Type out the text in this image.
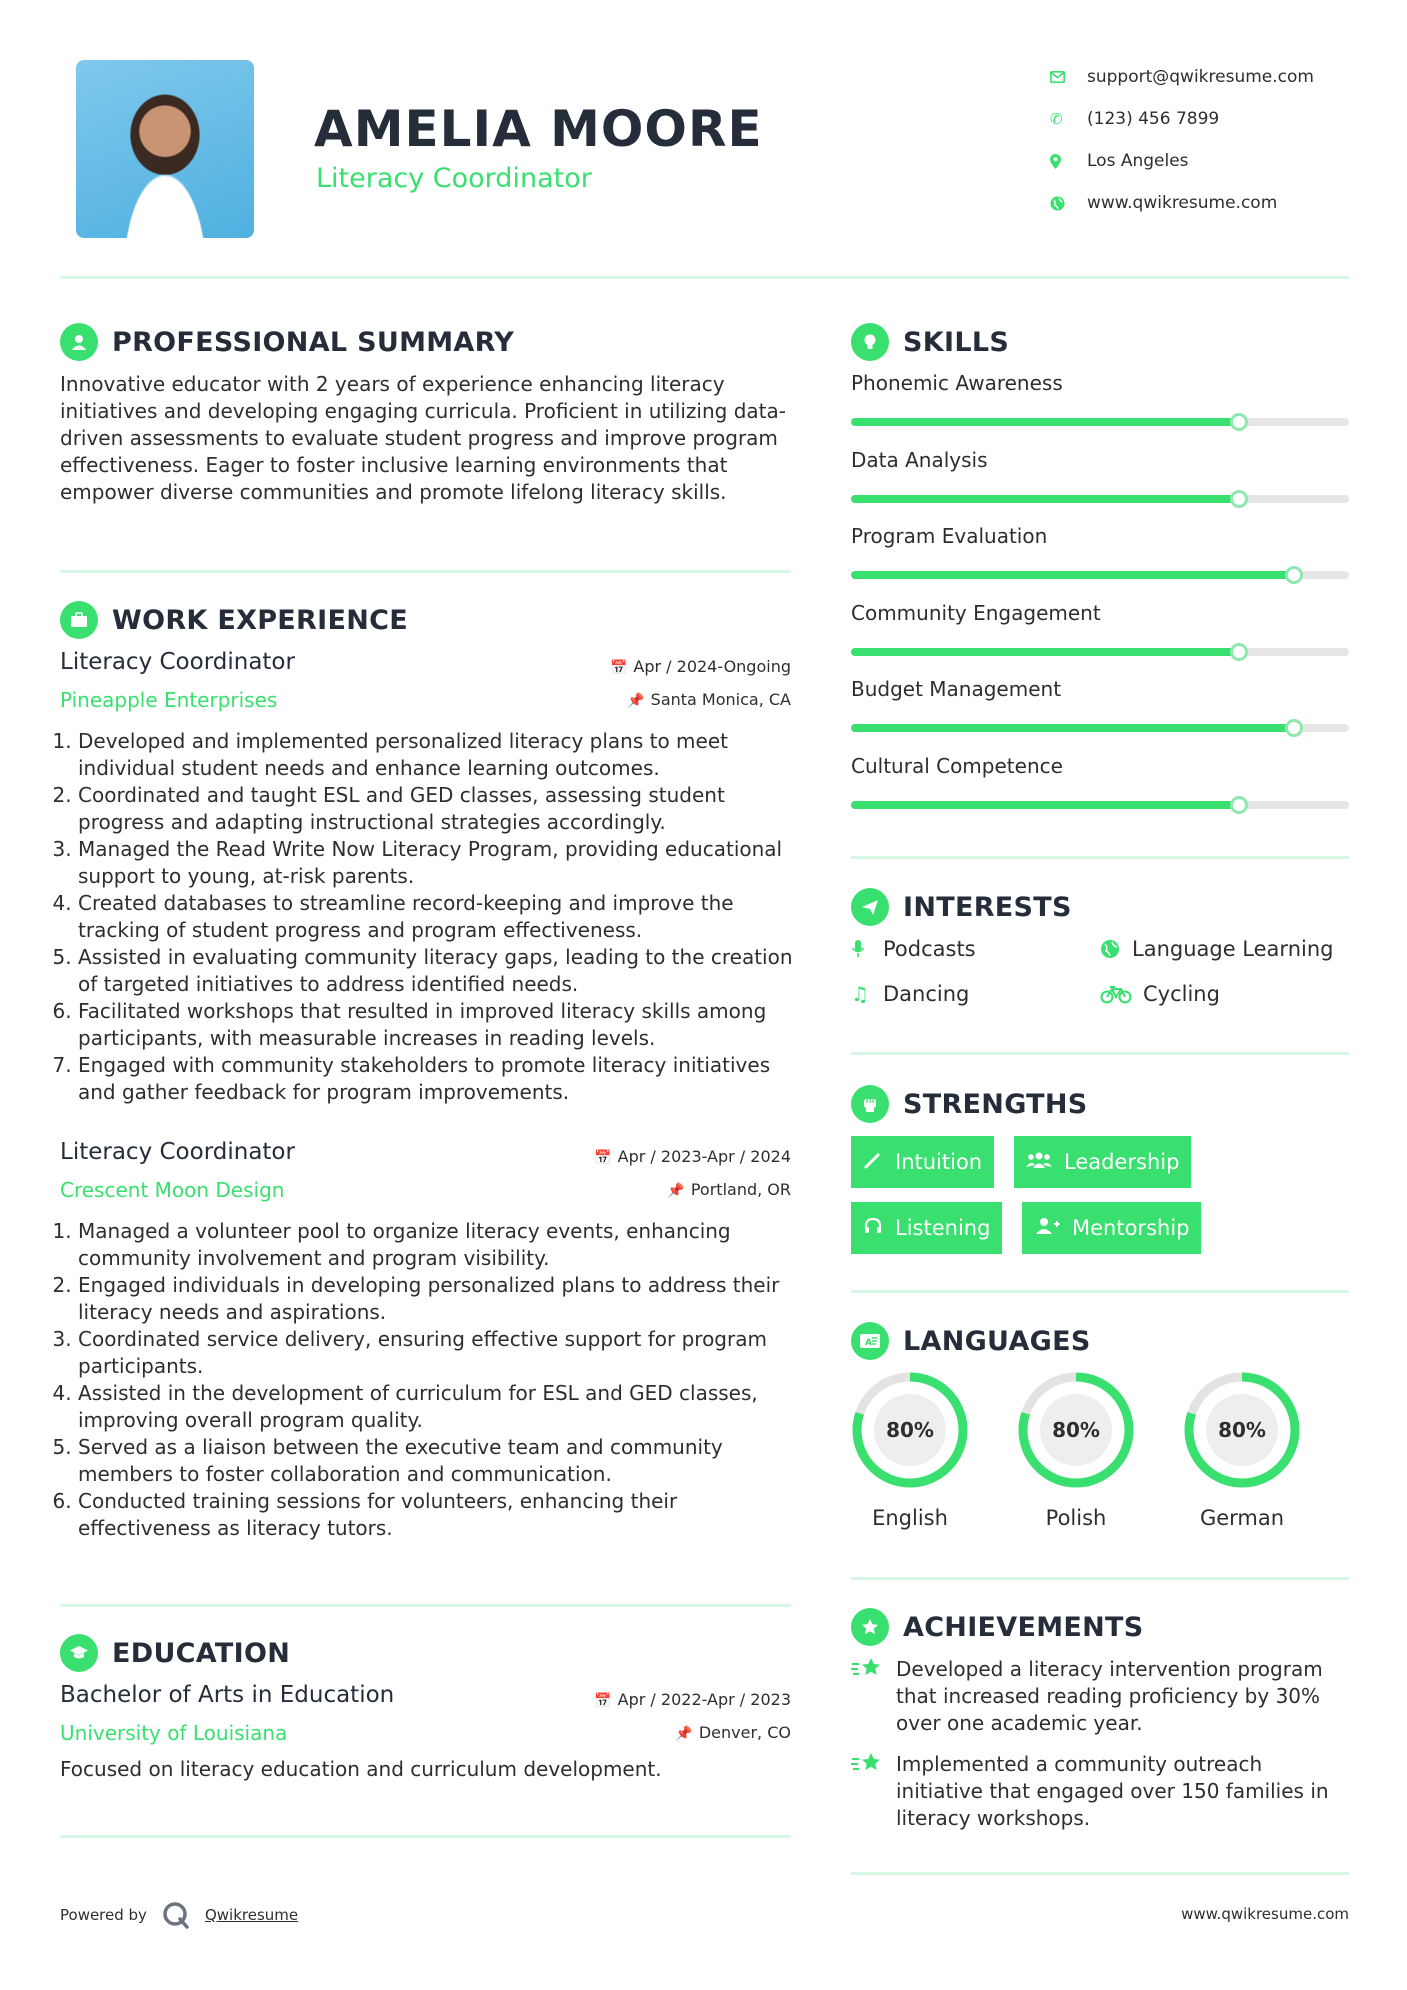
AMELIA MOORE
Literacy Coordinator
support@qwikresume.com
✆	(123) 456 7899
Los Angeles
www.qwikresume.com
PROFESSIONAL SUMMARY
Innovative educator with 2 years of experience enhancing literacy initiatives and developing engaging curricula. Proficient in utilizing data-driven assessments to evaluate student progress and improve program effectiveness. Eager to foster inclusive learning environments that empower diverse communities and promote lifelong literacy skills.
WORK EXPERIENCE
Literacy Coordinator	📅 Apr / 2024-Ongoing
Pineapple Enterprises	📌 Santa Monica, CA
1. Developed and implemented personalized literacy plans to meet individual student needs and enhance learning outcomes.
2. Coordinated and taught ESL and GED classes, assessing student progress and adapting instructional strategies accordingly.
3. Managed the Read Write Now Literacy Program, providing educational support to young, at-risk parents.
4. Created databases to streamline record-keeping and improve the tracking of student progress and program effectiveness.
5. Assisted in evaluating community literacy gaps, leading to the creation of targeted initiatives to address identified needs.
6. Facilitated workshops that resulted in improved literacy skills among participants, with measurable increases in reading levels.
7. Engaged with community stakeholders to promote literacy initiatives and gather feedback for program improvements.
Literacy Coordinator	📅 Apr / 2023-Apr / 2024
Crescent Moon Design	📌 Portland, OR
1. Managed a volunteer pool to organize literacy events, enhancing community involvement and program visibility.
2. Engaged individuals in developing personalized plans to address their literacy needs and aspirations.
3. Coordinated service delivery, ensuring effective support for program participants.
4. Assisted in the development of curriculum for ESL and GED classes, improving overall program quality.
5. Served as a liaison between the executive team and community members to foster collaboration and communication.
6. Conducted training sessions for volunteers, enhancing their effectiveness as literacy tutors.
EDUCATION
Bachelor of Arts in Education	📅 Apr / 2022-Apr / 2023
University of Louisiana	📌 Denver, CO
Focused on literacy education and curriculum development.
SKILLS
Phonemic Awareness
Data Analysis
Program Evaluation
Community Engagement
Budget Management
Cultural Competence
INTERESTS
Podcasts	Language Learning
♫ Dancing	Cycling
STRENGTHS
Intuition	Leadership
Listening	Mentorship
A LANGUAGES
80%
English
80%
Polish
80%
German
ACHIEVEMENTS
Developed a literacy intervention program that increased reading proficiency by 30% over one academic year.
Implemented a community outreach initiative that engaged over 150 families in literacy workshops.
Powered by	Qwikresume	www.qwikresume.com
